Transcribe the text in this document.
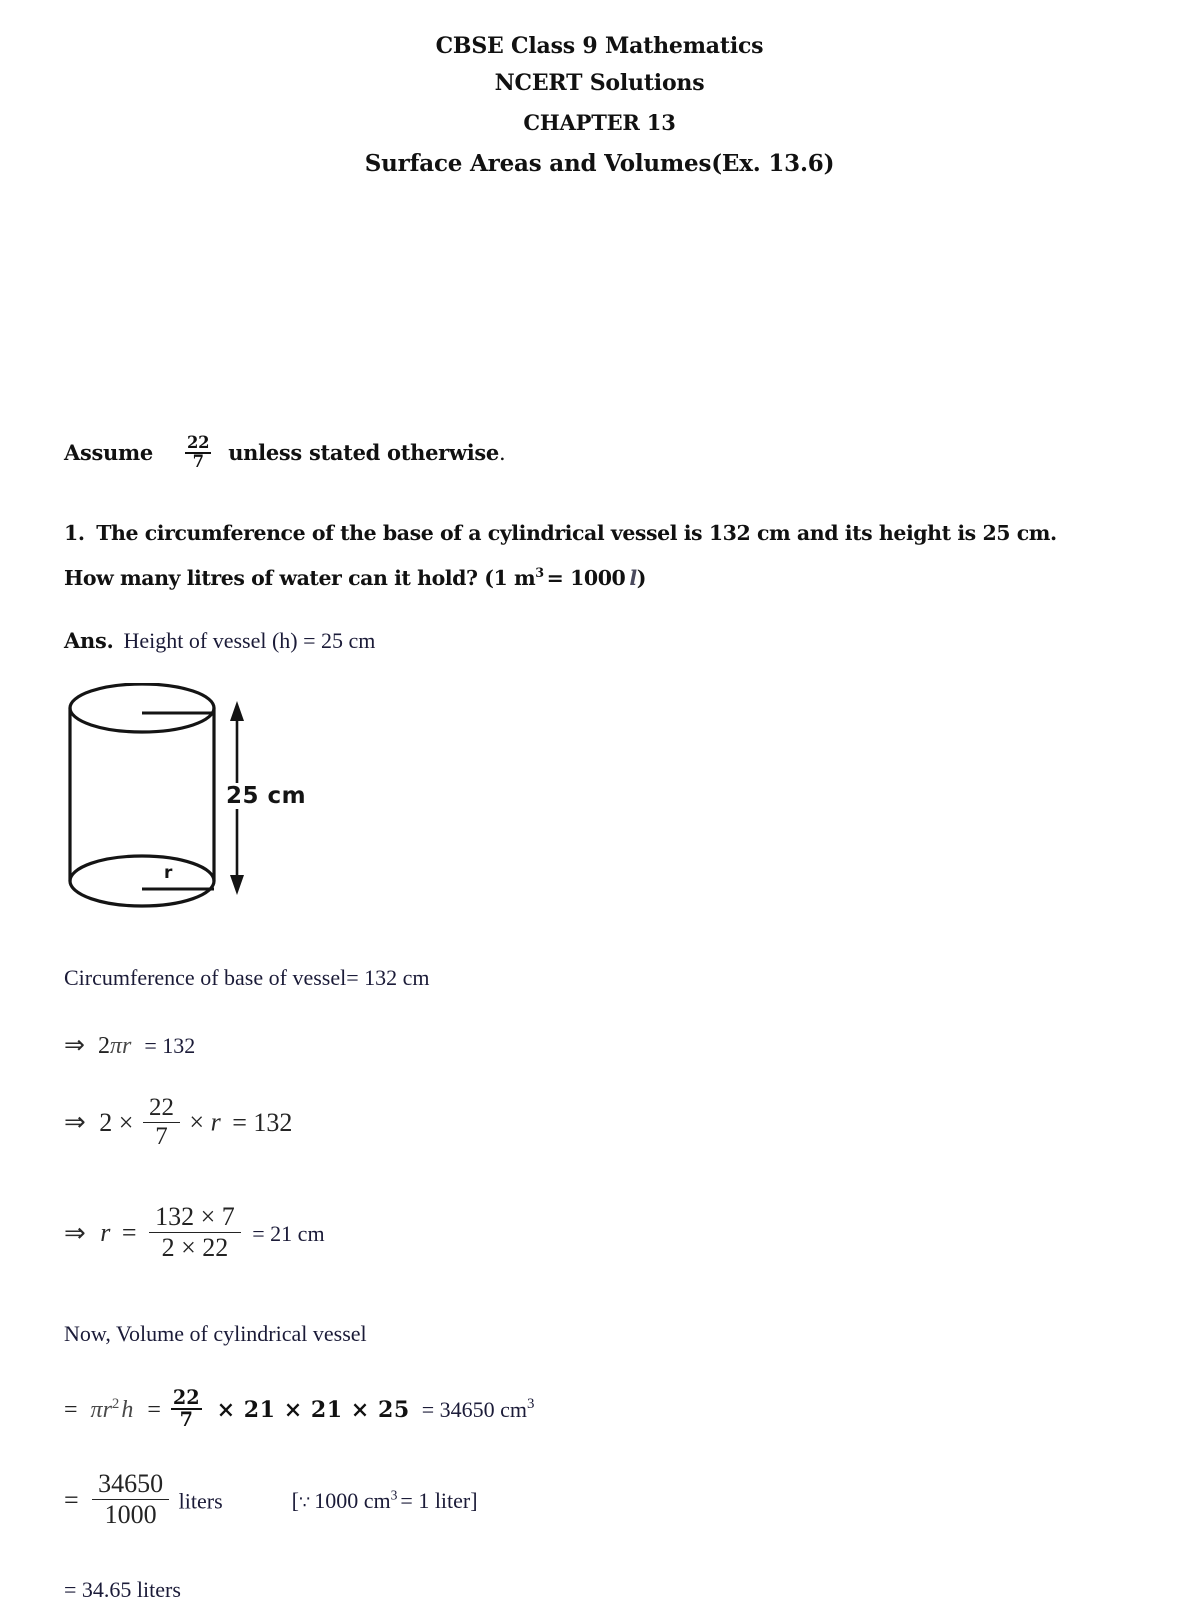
CBSE Class 9 Mathematics
NCERT Solutions
CHAPTER 13
Surface Areas and Volumes(Ex. 13.6)
Assume $\frac{22}{7}$ unless stated otherwise.
1. The circumference of the base of a cylindrical vessel is 132 cm and its height is 25 cm.
How many litres of water can it hold? (1 $m^3 = 1000$ l)
Ans. Height of vessel (h) = 25 cm
r
25 cm
Circumference of base of vessel= 132 cm
⇒ 2πr = 132
⇒ $2 \times \frac{22}{7} \times r = 132$
⇒ $r = \frac{132 \times 7}{2 \times 22} = 21$ cm
Now, Volume of cylindrical vessel
= $\pi r^2h = \frac{22}{7} \times 21 \times 21 \times 25 = 34650$ $cm^3$
= $\frac{34650}{1000}$ liters	[∵ 1000 $cm^3 = 1$ liter]
= 34.65 liters
